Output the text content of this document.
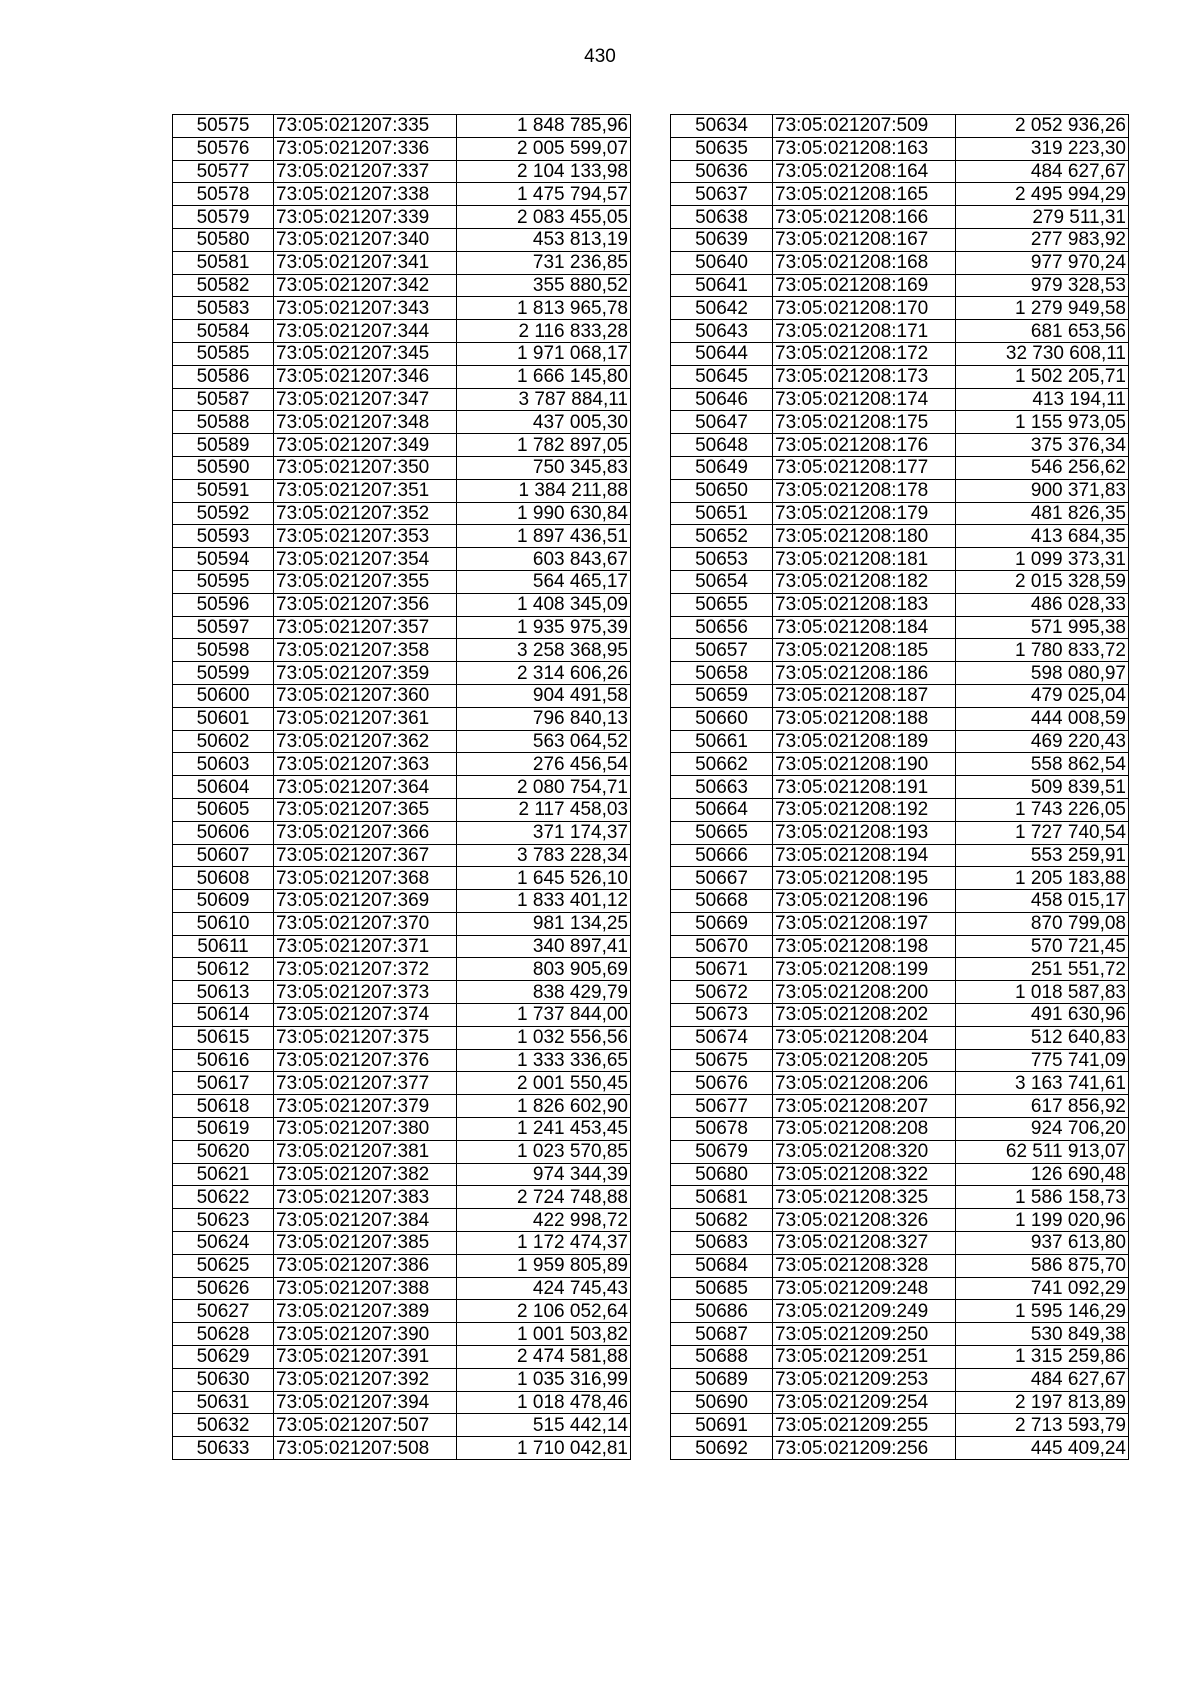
430
50575	73:05:021207:335	1 848 785,96
50576	73:05:021207:336	2 005 599,07
50577	73:05:021207:337	2 104 133,98
50578	73:05:021207:338	1 475 794,57
50579	73:05:021207:339	2 083 455,05
50580	73:05:021207:340	453 813,19
50581	73:05:021207:341	731 236,85
50582	73:05:021207:342	355 880,52
50583	73:05:021207:343	1 813 965,78
50584	73:05:021207:344	2 116 833,28
50585	73:05:021207:345	1 971 068,17
50586	73:05:021207:346	1 666 145,80
50587	73:05:021207:347	3 787 884,11
50588	73:05:021207:348	437 005,30
50589	73:05:021207:349	1 782 897,05
50590	73:05:021207:350	750 345,83
50591	73:05:021207:351	1 384 211,88
50592	73:05:021207:352	1 990 630,84
50593	73:05:021207:353	1 897 436,51
50594	73:05:021207:354	603 843,67
50595	73:05:021207:355	564 465,17
50596	73:05:021207:356	1 408 345,09
50597	73:05:021207:357	1 935 975,39
50598	73:05:021207:358	3 258 368,95
50599	73:05:021207:359	2 314 606,26
50600	73:05:021207:360	904 491,58
50601	73:05:021207:361	796 840,13
50602	73:05:021207:362	563 064,52
50603	73:05:021207:363	276 456,54
50604	73:05:021207:364	2 080 754,71
50605	73:05:021207:365	2 117 458,03
50606	73:05:021207:366	371 174,37
50607	73:05:021207:367	3 783 228,34
50608	73:05:021207:368	1 645 526,10
50609	73:05:021207:369	1 833 401,12
50610	73:05:021207:370	981 134,25
50611	73:05:021207:371	340 897,41
50612	73:05:021207:372	803 905,69
50613	73:05:021207:373	838 429,79
50614	73:05:021207:374	1 737 844,00
50615	73:05:021207:375	1 032 556,56
50616	73:05:021207:376	1 333 336,65
50617	73:05:021207:377	2 001 550,45
50618	73:05:021207:379	1 826 602,90
50619	73:05:021207:380	1 241 453,45
50620	73:05:021207:381	1 023 570,85
50621	73:05:021207:382	974 344,39
50622	73:05:021207:383	2 724 748,88
50623	73:05:021207:384	422 998,72
50624	73:05:021207:385	1 172 474,37
50625	73:05:021207:386	1 959 805,89
50626	73:05:021207:388	424 745,43
50627	73:05:021207:389	2 106 052,64
50628	73:05:021207:390	1 001 503,82
50629	73:05:021207:391	2 474 581,88
50630	73:05:021207:392	1 035 316,99
50631	73:05:021207:394	1 018 478,46
50632	73:05:021207:507	515 442,14
50633	73:05:021207:508	1 710 042,81
50634	73:05:021207:509	2 052 936,26
50635	73:05:021208:163	319 223,30
50636	73:05:021208:164	484 627,67
50637	73:05:021208:165	2 495 994,29
50638	73:05:021208:166	279 511,31
50639	73:05:021208:167	277 983,92
50640	73:05:021208:168	977 970,24
50641	73:05:021208:169	979 328,53
50642	73:05:021208:170	1 279 949,58
50643	73:05:021208:171	681 653,56
50644	73:05:021208:172	32 730 608,11
50645	73:05:021208:173	1 502 205,71
50646	73:05:021208:174	413 194,11
50647	73:05:021208:175	1 155 973,05
50648	73:05:021208:176	375 376,34
50649	73:05:021208:177	546 256,62
50650	73:05:021208:178	900 371,83
50651	73:05:021208:179	481 826,35
50652	73:05:021208:180	413 684,35
50653	73:05:021208:181	1 099 373,31
50654	73:05:021208:182	2 015 328,59
50655	73:05:021208:183	486 028,33
50656	73:05:021208:184	571 995,38
50657	73:05:021208:185	1 780 833,72
50658	73:05:021208:186	598 080,97
50659	73:05:021208:187	479 025,04
50660	73:05:021208:188	444 008,59
50661	73:05:021208:189	469 220,43
50662	73:05:021208:190	558 862,54
50663	73:05:021208:191	509 839,51
50664	73:05:021208:192	1 743 226,05
50665	73:05:021208:193	1 727 740,54
50666	73:05:021208:194	553 259,91
50667	73:05:021208:195	1 205 183,88
50668	73:05:021208:196	458 015,17
50669	73:05:021208:197	870 799,08
50670	73:05:021208:198	570 721,45
50671	73:05:021208:199	251 551,72
50672	73:05:021208:200	1 018 587,83
50673	73:05:021208:202	491 630,96
50674	73:05:021208:204	512 640,83
50675	73:05:021208:205	775 741,09
50676	73:05:021208:206	3 163 741,61
50677	73:05:021208:207	617 856,92
50678	73:05:021208:208	924 706,20
50679	73:05:021208:320	62 511 913,07
50680	73:05:021208:322	126 690,48
50681	73:05:021208:325	1 586 158,73
50682	73:05:021208:326	1 199 020,96
50683	73:05:021208:327	937 613,80
50684	73:05:021208:328	586 875,70
50685	73:05:021209:248	741 092,29
50686	73:05:021209:249	1 595 146,29
50687	73:05:021209:250	530 849,38
50688	73:05:021209:251	1 315 259,86
50689	73:05:021209:253	484 627,67
50690	73:05:021209:254	2 197 813,89
50691	73:05:021209:255	2 713 593,79
50692	73:05:021209:256	445 409,24
